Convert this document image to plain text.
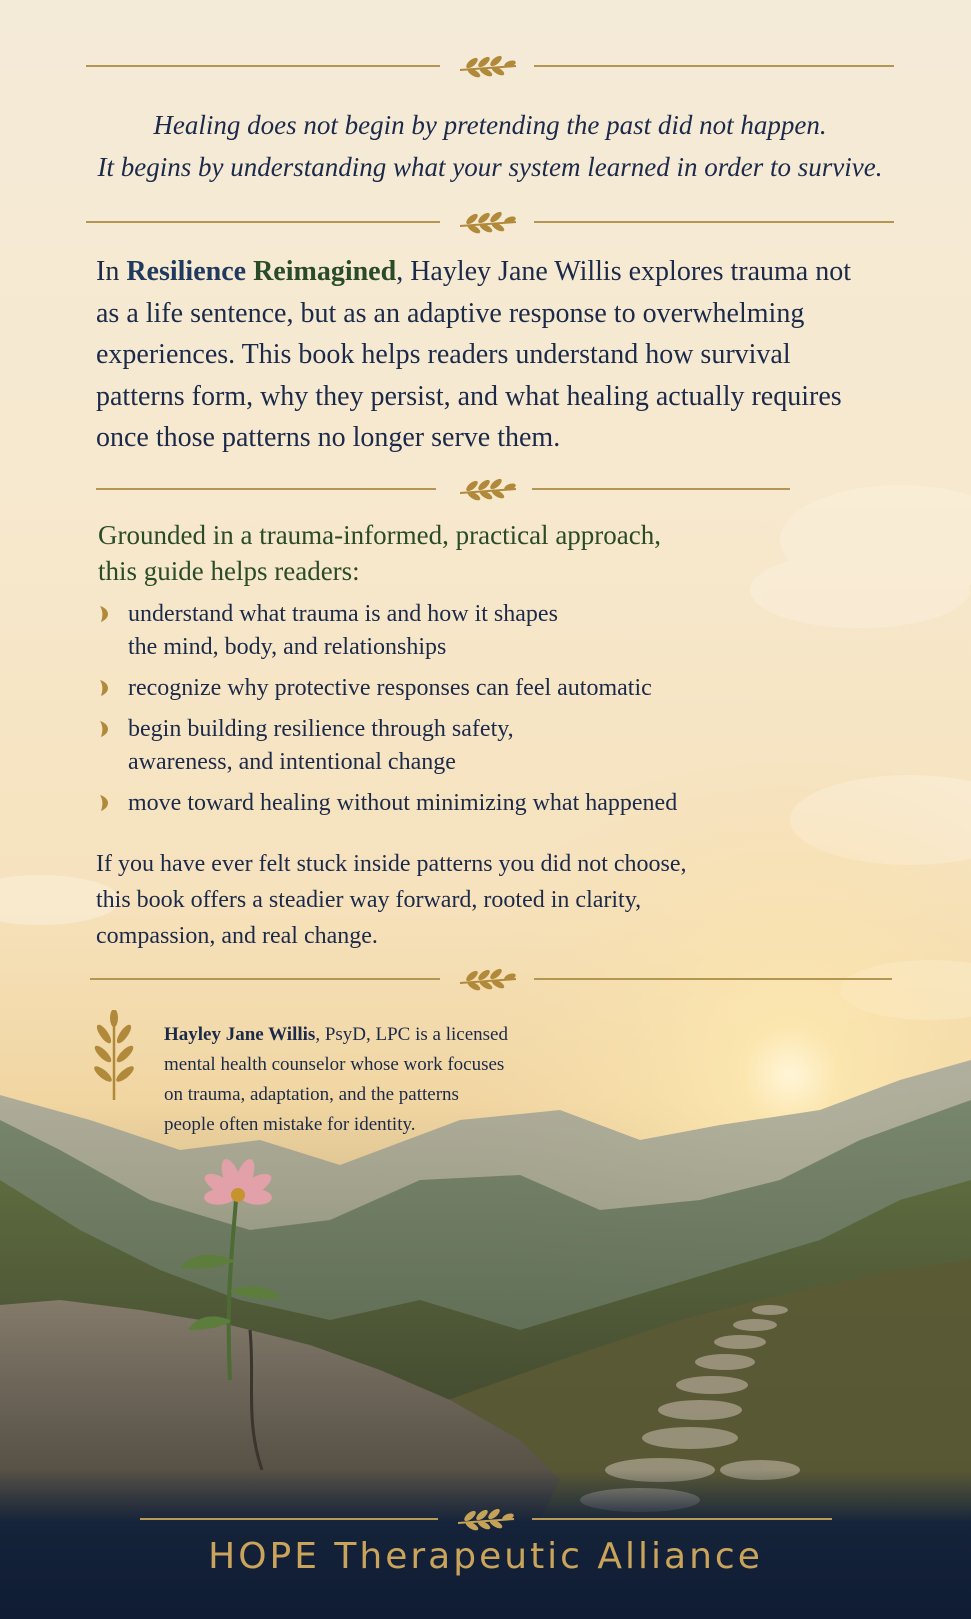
Healing does not begin by pretending the past did not happen.
It begins by understanding what your system learned in order to survive.

In Resilience Reimagined, Hayley Jane Willis explores trauma not as a life sentence, but as an adaptive response to overwhelming experiences. This book helps readers understand how survival patterns form, why they persist, and what healing actually requires once those patterns no longer serve them.

Grounded in a trauma-informed, practical approach,
this guide helps readers:
understand what trauma is and how it shapes
the mind, body, and relationships
recognize why protective responses can feel automatic
begin building resilience through safety,
awareness, and intentional change
move toward healing without minimizing what happened
If you have ever felt stuck inside patterns you did not choose,
this book offers a steadier way forward, rooted in clarity,
compassion, and real change.
Hayley Jane Willis, PsyD, LPC is a licensed
mental health counselor whose work focuses
on trauma, adaptation, and the patterns
people often mistake for identity.
HOPE Therapeutic Alliance
